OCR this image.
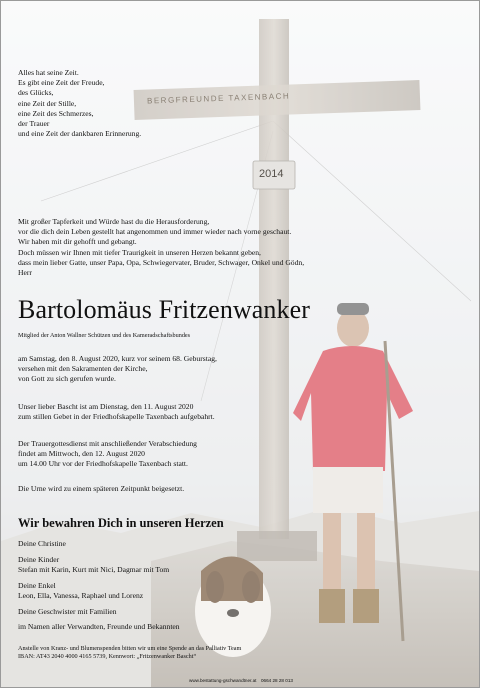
BERGFREUNDE TAXENBACH
2014
Alles hat seine Zeit.
Es gibt eine Zeit der Freude,
des Glücks,
eine Zeit der Stille,
eine Zeit des Schmerzes,
der Trauer
und eine Zeit der dankbaren Erinnerung.
Mit großer Tapferkeit und Würde hast du die Herausforderung,
vor die dich dein Leben gestellt hat angenommen und immer wieder nach vorne geschaut.
Wir haben mit dir gehofft und gebangt.
Doch müssen wir Ihnen mit tiefer Traurigkeit in unseren Herzen bekannt geben,
dass mein lieber Gatte, unser Papa, Opa, Schwiegervater, Bruder, Schwager, Onkel und Gödn,
Herr
Bartolomäus Fritzenwanker
Mitglied der Anton Wallner Schützen und des Kameradschaftsbundes
am Samstag, den 8. August 2020, kurz vor seinem 68. Geburstag,
versehen mit den Sakramenten der Kirche,
von Gott zu sich gerufen wurde.
Unser lieber Bascht ist am Dienstag, den 11. August 2020
zum stillen Gebet in der Friedhofskapelle Taxenbach aufgebahrt.
Der Trauergottesdienst mit anschließender Verabschiedung
findet am Mittwoch, den 12. August 2020
um 14.00 Uhr vor der Friedhofskapelle Taxenbach statt.
Die Urne wird zu einem späteren Zeitpunkt beigesetzt.
Wir bewahren Dich in unseren Herzen
Deine Christine
Deine Kinder
Stefan mit Karin, Kurt mit Nici, Dagmar mit Tom
Deine Enkel
Leon, Ella, Vanessa, Raphael und Lorenz
Deine Geschwister mit Familien
im Namen aller Verwandten, Freunde und Bekannten
Anstelle von Kranz- und Blumenspenden bitten wir um eine Spende an das Palliativ Team
IBAN: AT43 2040 4000 4165 5739, Kennwort: „Fritzenwanker Bascht“
www.bestattung-gschwandtner.at 0664 28 28 013
